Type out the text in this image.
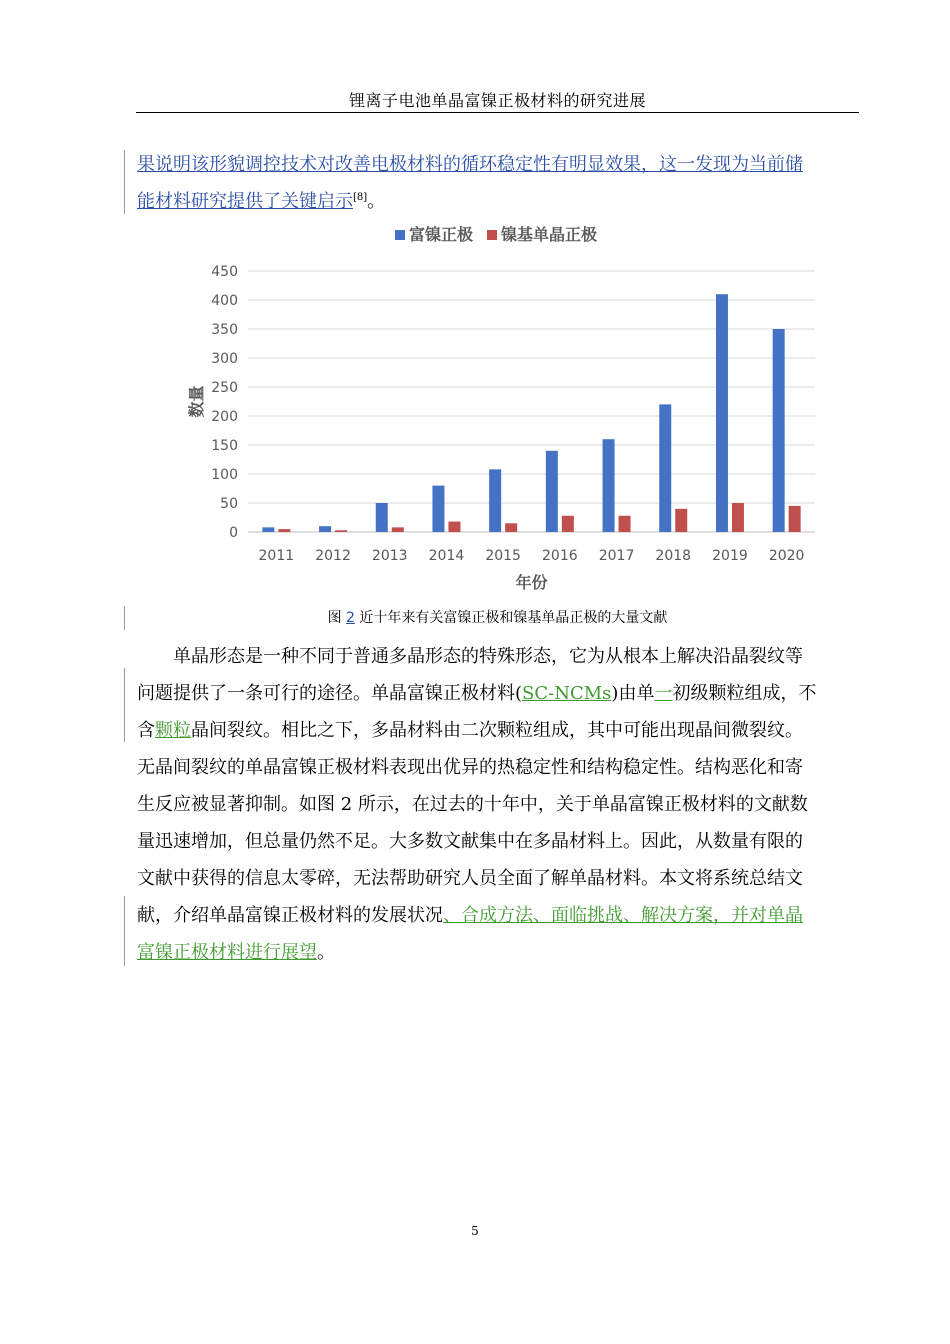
锂离子电池单晶富镍正极材料的研究进展
果说明该形貌调控技术对改善电极材料的循环稳定性有明显效果，这一发现为当前储
能材料研究提供了关键启示[8]。
0
50
100
150
200
250
300
350
400
450
2011 2012 2013 2014 2015 2016 2017 2018 2019 2020
年份
数量
富镍正极 镍基单晶正极
图 2 近十年来有关富镍正极和镍基单晶正极的大量文献
单晶形态是一种不同于普通多晶形态的特殊形态，它为从根本上解决沿晶裂纹等
问题提供了一条可行的途径。单晶富镍正极材料(SC-NCMs)由单一初级颗粒组成，不
含颗粒晶间裂纹。相比之下，多晶材料由二次颗粒组成，其中可能出现晶间微裂纹。
无晶间裂纹的单晶富镍正极材料表现出优异的热稳定性和结构稳定性。结构恶化和寄
生反应被显著抑制。如图 2 所示，在过去的十年中，关于单晶富镍正极材料的文献数
量迅速增加，但总量仍然不足。大多数文献集中在多晶材料上。因此，从数量有限的
文献中获得的信息太零碎，无法帮助研究人员全面了解单晶材料。本文将系统总结文
献，介绍单晶富镍正极材料的发展状况、合成方法、面临挑战、解决方案，并对单晶
富镍正极材料进行展望。
5
